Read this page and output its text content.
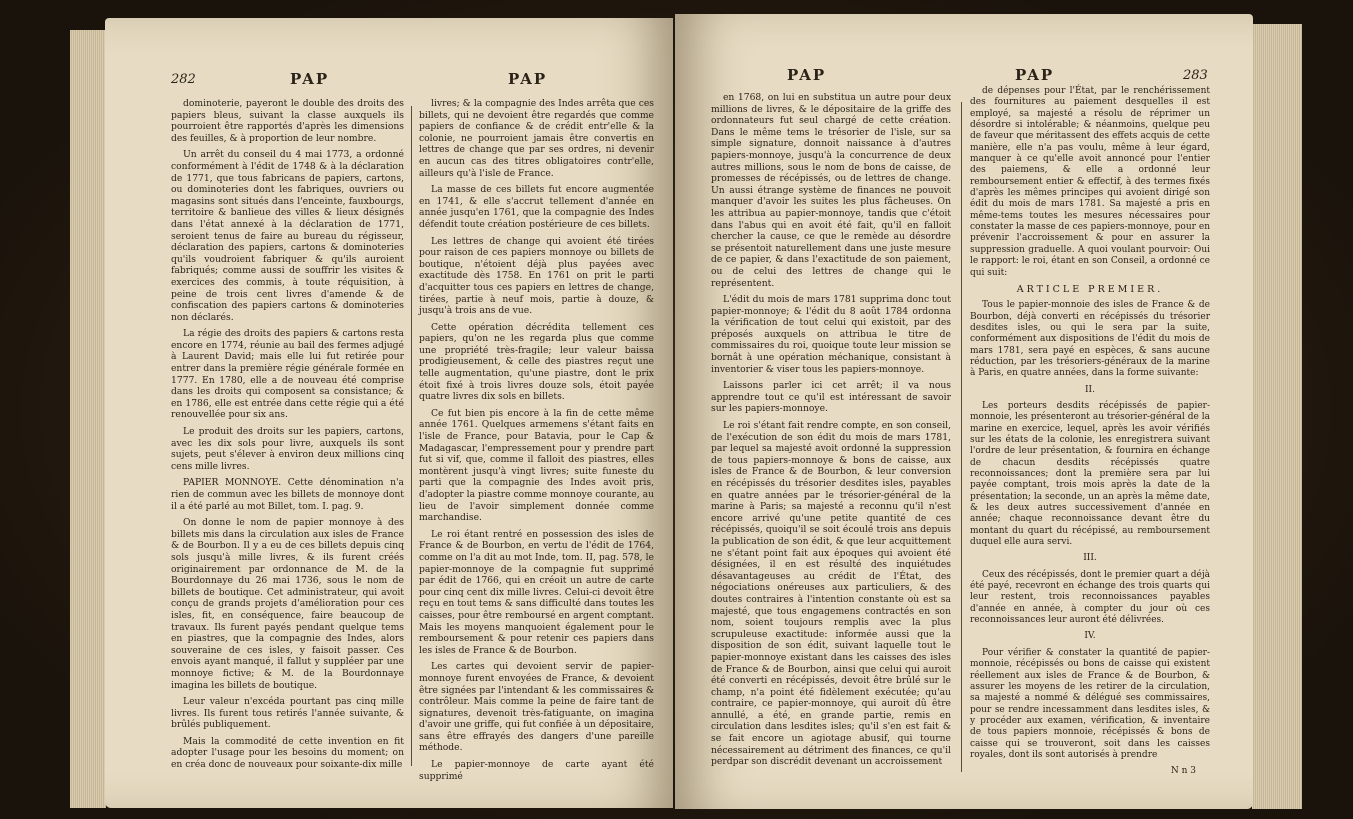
282	PAP	PAP

dominoterie, payeront le double des droits des papiers bleus, suivant la classe auxquels ils pourroient être rapportés d'après les dimensions des feuilles, & à proportion de leur nombre.

Un arrêt du conseil du 4 mai 1773, a ordonné conformément à l'édit de 1748 & à la déclaration de 1771, que tous fabricans de papiers, cartons, ou dominoteries dont les fabriques, ouvriers ou magasins sont situés dans l'enceinte, fauxbourgs, territoire & banlieue des villes & lieux désignés dans l'état annexé à la déclaration de 1771, seroient tenus de faire au bureau du régisseur, déclaration des papiers, cartons & dominoteries qu'ils voudroient fabriquer & qu'ils auroient fabriqués; comme aussi de souffrir les visites & exercices des commis, à toute réquisition, à peine de trois cent livres d'amende & de confiscation des papiers cartons & dominoteries non déclarés.

La régie des droits des papiers & cartons resta encore en 1774, réunie au bail des fermes adjugé à Laurent David; mais elle lui fut retirée pour entrer dans la première régie générale formée en 1777. En 1780, elle a de nouveau été comprise dans les droits qui composent sa consistance; & en 1786, elle est entrée dans cette régie qui a été renouvellée pour six ans.

Le produit des droits sur les papiers, cartons, avec les dix sols pour livre, auxquels ils sont sujets, peut s'élever à environ deux millions cinq cens mille livres.

PAPIER MONNOYE. Cette dénomination n'a rien de commun avec les billets de monnoye dont il a été parlé au mot Billet, tom. I. pag. 9.

On donne le nom de papier monnoye à des billets mis dans la circulation aux isles de France & de Bourbon. Il y a eu de ces billets depuis cinq sols jusqu'à mille livres, & ils furent créés originairement par ordonnance de M. de la Bourdonnaye du 26 mai 1736, sous le nom de billets de boutique. Cet administrateur, qui avoit conçu de grands projets d'amélioration pour ces isles, fit, en conséquence, faire beaucoup de travaux. Ils furent payés pendant quelque tems en piastres, que la compagnie des Indes, alors souveraine de ces isles, y faisoit passer. Ces envois ayant manqué, il fallut y suppléer par une monnoye fictive; & M. de la Bourdonnaye imagina les billets de boutique.

Leur valeur n'excéda pourtant pas cinq mille livres. Ils furent tous retirés l'année suivante, & brûlés publiquement.

Mais la commodité de cette invention en fit adopter l'usage pour les besoins du moment; on en créa donc de nouveaux pour soixante-dix mille

livres; & la compagnie des Indes arrêta que ces billets, qui ne devoient être regardés que comme papiers de confiance & de crédit entr'elle & la colonie, ne pourroient jamais être convertis en lettres de change que par ses ordres, ni devenir en aucun cas des titres obligatoires contr'elle, ailleurs qu'à l'isle de France.

La masse de ces billets fut encore augmentée en 1741, & elle s'accrut tellement d'année en année jusqu'en 1761, que la compagnie des Indes défendit toute création postérieure de ces billets.

Les lettres de change qui avoient été tirées pour raison de ces papiers monnoye ou billets de boutique, n'étoient déjà plus payées avec exactitude dès 1758. En 1761 on prit le parti d'acquitter tous ces papiers en lettres de change, tirées, partie à neuf mois, partie à douze, & jusqu'à trois ans de vue.

Cette opération décrédita tellement ces papiers, qu'on ne les regarda plus que comme une propriété très-fragile; leur valeur baissa prodigieusement, & celle des piastres reçut une telle augmentation, qu'une piastre, dont le prix étoit fixé à trois livres douze sols, étoit payée quatre livres dix sols en billets.

Ce fut bien pis encore à la fin de cette même année 1761. Quelques armemens s'étant faits en l'isle de France, pour Batavia, pour le Cap & Madagascar, l'empressement pour y prendre part fut si vif, que, comme il falloit des piastres, elles montèrent jusqu'à vingt livres; suite funeste du parti que la compagnie des Indes avoit pris, d'adopter la piastre comme monnoye courante, au lieu de l'avoir simplement donnée comme marchandise.

Le roi étant rentré en possession des isles de France & de Bourbon, en vertu de l'édit de 1764, comme on l'a dit au mot Inde, tom. II, pag. 578, le papier-monnoye de la compagnie fut supprimé par édit de 1766, qui en créoit un autre de carte pour cinq cent dix mille livres. Celui-ci devoit être reçu en tout tems & sans difficulté dans toutes les caisses, pour être remboursé en argent comptant. Mais les moyens manquoient également pour le remboursement & pour retenir ces papiers dans les isles de France & de Bourbon.

Les cartes qui devoient servir de papier-monnoye furent envoyées de France, & devoient être signées par l'intendant & les commissaires & contrôleur. Mais comme la peine de faire tant de signatures, devenoit très-fatiguante, on imagina d'avoir une griffe, qui fut confiée à un dépositaire, sans être effrayés des dangers d'une pareille méthode.

Le papier-monnoye de carte ayant été supprimé

PAP	PAP	283

en 1768, on lui en substitua un autre pour deux millions de livres, & le dépositaire de la griffe des ordonnateurs fut seul chargé de cette création. Dans le même tems le trésorier de l'isle, sur sa simple signature, donnoit naissance à d'autres papiers-monnoye, jusqu'à la concurrence de deux autres millions, sous le nom de bons de caisse, de promesses de récépissés, ou de lettres de change. Un aussi étrange système de finances ne pouvoit manquer d'avoir les suites les plus fâcheuses. On les attribua au papier-monnoye, tandis que c'étoit dans l'abus qui en avoit été fait, qu'il en falloit chercher la cause, ce que le remède au désordre se présentoit naturellement dans une juste mesure de ce papier, & dans l'exactitude de son paiement, ou de celui des lettres de change qui le représentent.

L'édit du mois de mars 1781 supprima donc tout papier-monnoye; & l'édit du 8 août 1784 ordonna la vérification de tout celui qui existoit, par des préposés auxquels on attribua le titre de commissaires du roi, quoique toute leur mission se bornât à une opération méchanique, consistant à inventorier & viser tous les papiers-monnoye.

Laissons parler ici cet arrêt; il va nous apprendre tout ce qu'il est intéressant de savoir sur les papiers-monnoye.

Le roi s'étant fait rendre compte, en son conseil, de l'exécution de son édit du mois de mars 1781, par lequel sa majesté avoit ordonné la suppression de tous papiers-monnoye & bons de caisse, aux isles de France & de Bourbon, & leur conversion en récépissés du trésorier desdites isles, payables en quatre années par le trésorier-général de la marine à Paris; sa majesté a reconnu qu'il n'est encore arrivé qu'une petite quantité de ces récépissés, quoiqu'il se soit écoulé trois ans depuis la publication de son édit, & que leur acquittement ne s'étant point fait aux époques qui avoient été désignées, il en est résulté des inquiétudes désavantageuses au crédit de l'État, des négociations onéreuses aux particuliers, & des doutes contraires à l'intention constante où est sa majesté, que tous engagemens contractés en son nom, soient toujours remplis avec la plus scrupuleuse exactitude: informée aussi que la disposition de son édit, suivant laquelle tout le papier-monnoye existant dans les caisses des isles de France & de Bourbon, ainsi que celui qui auroit été converti en récépissés, devoit être brûlé sur le champ, n'a point été fidèlement exécutée; qu'au contraire, ce papier-monnoye, qui auroit dû être annullé, a été, en grande partie, remis en circulation dans lesdites isles; qu'il s'en est fait & se fait encore un agiotage abusif, qui tourne nécessairement au détriment des finances, ce qu'il perdpar son discrédit devenant un accroissement

de dépenses pour l'État, par le renchérissement des fournitures au paiement desquelles il est employé, sa majesté a résolu de réprimer un désordre si intolérable; & néanmoins, quelque peu de faveur que méritassent des effets acquis de cette manière, elle n'a pas voulu, même à leur égard, manquer à ce qu'elle avoit annoncé pour l'entier des paiemens, & elle a ordonné leur remboursement entier & effectif, à des termes fixés d'après les mêmes principes qui avoient dirigé son édit du mois de mars 1781. Sa majesté a pris en même-tems toutes les mesures nécessaires pour constater la masse de ces papiers-monnoye, pour en prévenir l'accroissement & pour en assurer la suppression graduelle. A quoi voulant pourvoir: Oui le rapport: le roi, étant en son Conseil, a ordonné ce qui suit:

ARTICLE PREMIER.

Tous le papier-monnoie des isles de France & de Bourbon, déjà converti en récépissés du trésorier desdites isles, ou qui le sera par la suite, conformément aux dispositions de l'édit du mois de mars 1781, sera payé en espèces, & sans aucune réduction, par les trésoriers-généraux de la marine à Paris, en quatre années, dans la forme suivante:

II.

Les porteurs desdits récépissés de papier-monnoie, les présenteront au trésorier-général de la marine en exercice, lequel, après les avoir vérifiés sur les états de la colonie, les enregistrera suivant l'ordre de leur présentation, & fournira en échange de chacun desdits récépissés quatre reconnoissances; dont la première sera par lui payée comptant, trois mois après la date de la présentation; la seconde, un an après la même date, & les deux autres successivement d'année en année; chaque reconnoissance devant être du montant du quart du récépissé, au remboursement duquel elle aura servi.

III.

Ceux des récépissés, dont le premier quart a déjà été payé, recevront en échange des trois quarts qui leur restent, trois reconnoissances payables d'année en année, à compter du jour où ces reconnoissances leur auront été délivrées.

IV.

Pour vérifier & constater la quantité de papier-monnoie, récépissés ou bons de caisse qui existent réellement aux isles de France & de Bourbon, & assurer les moyens de les retirer de la circulation, sa majesté a nommé & délégué ses commissaires, pour se rendre incessamment dans lesdites isles, & y procéder aux examen, vérification, & inventaire de tous papiers monnoie, récépissés & bons de caisse qui se trouveront, soit dans les caisses royales, dont ils sont autorisés à prendre

N n 3
